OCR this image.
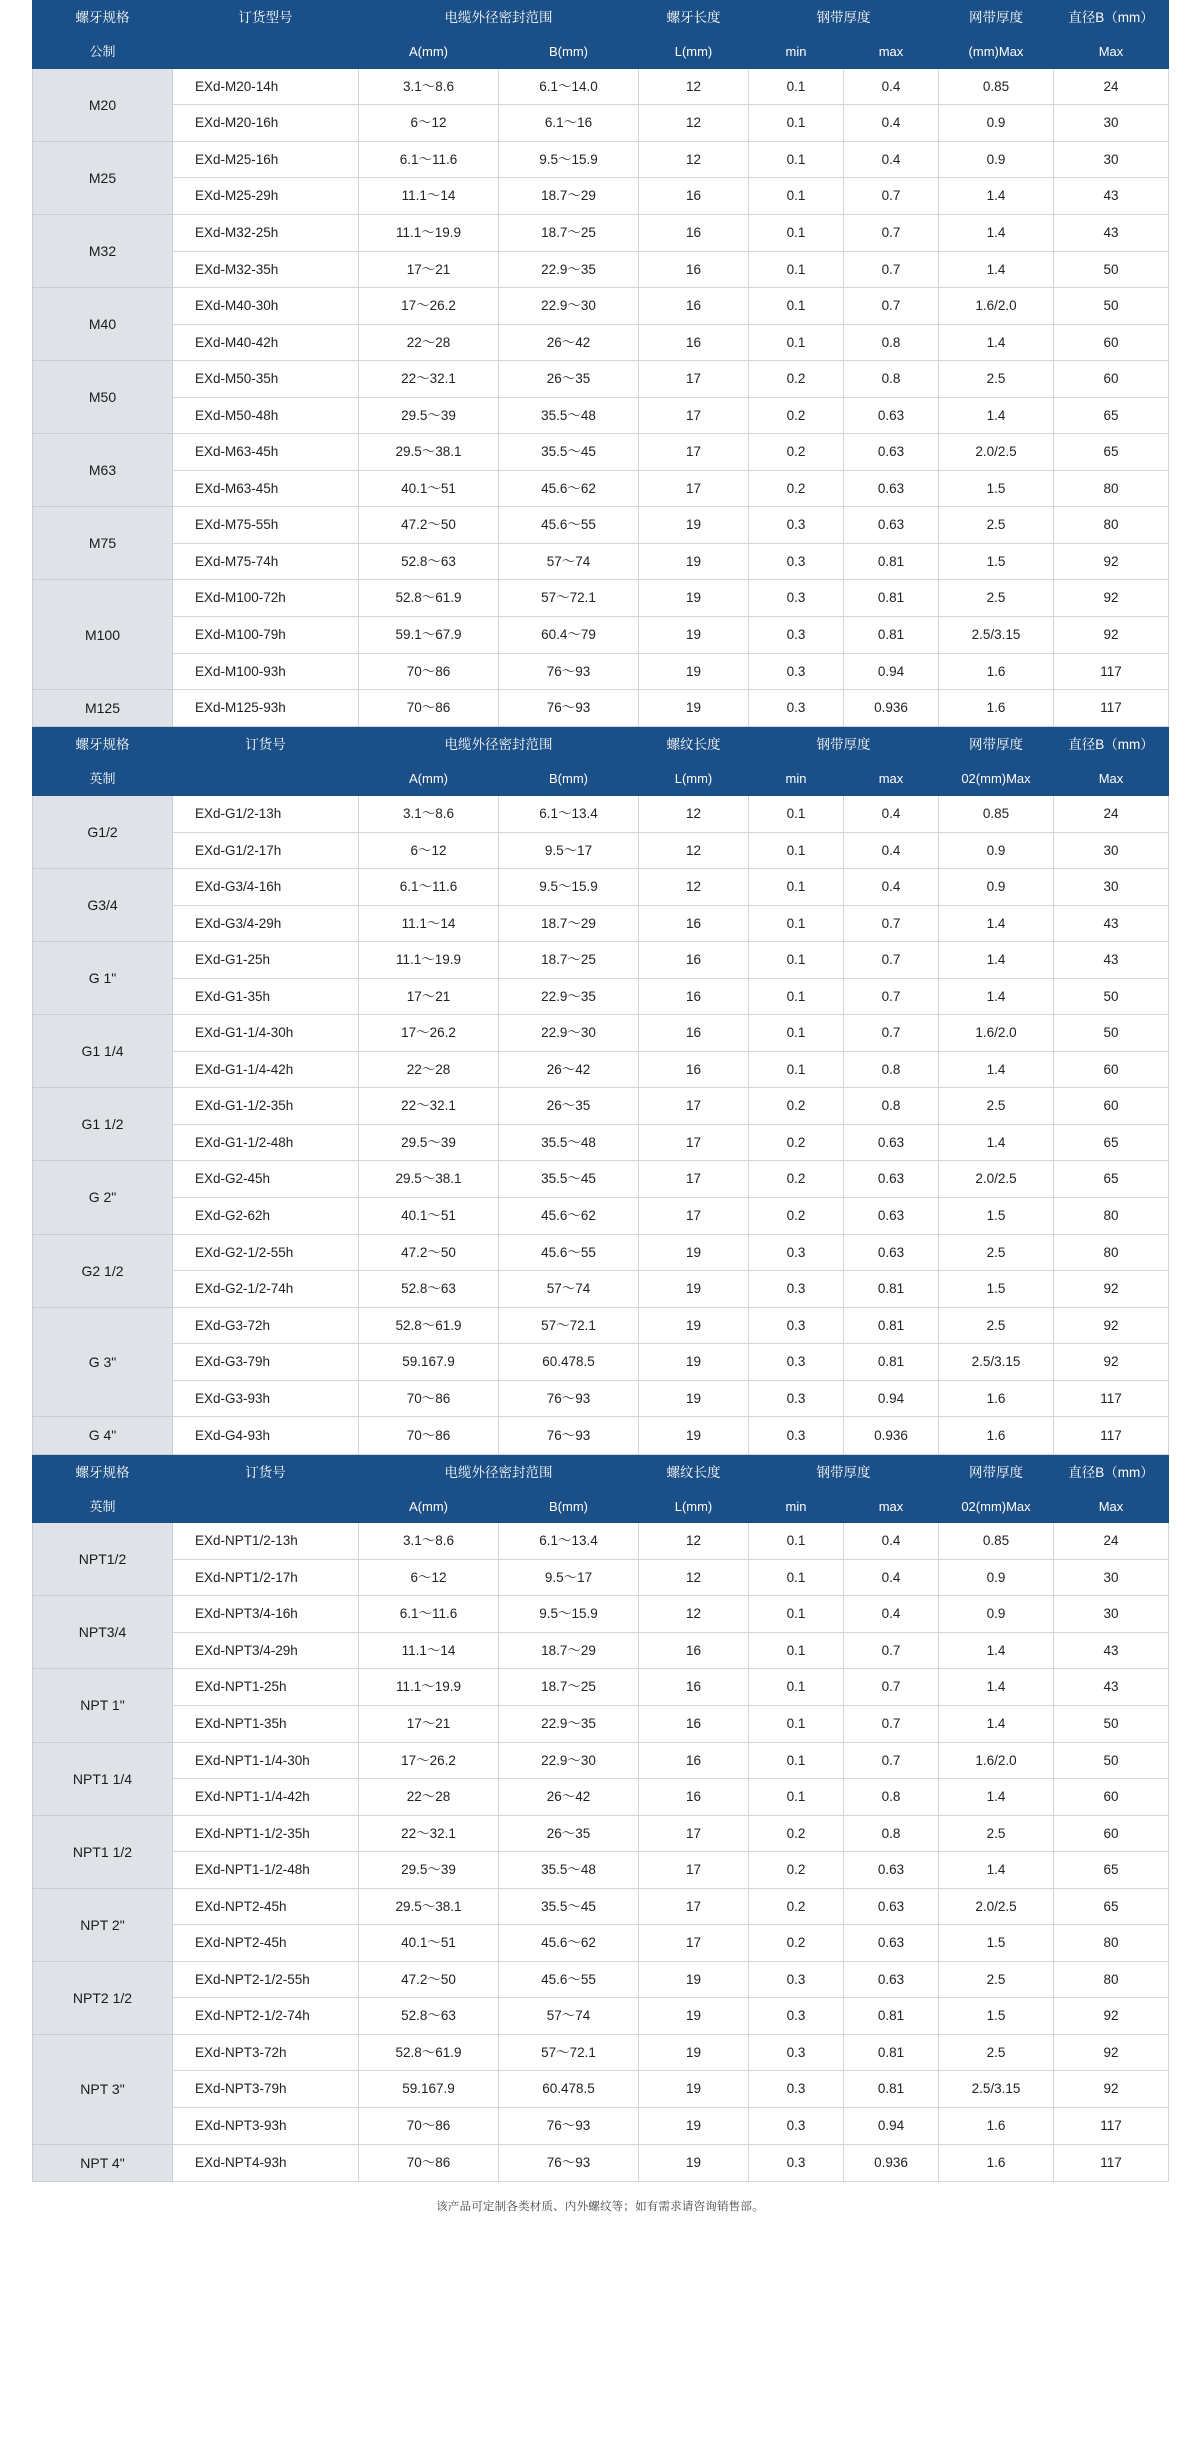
螺牙规格	订货型号	电缆外径密封范围		螺牙长度	钢带厚度		网带厚度	直径B（mm）
公制		A(mm)	B(mm)	L(mm)	min	max	(mm)Max	Max
M20	EXd-M20-14h	3.1～8.6	6.1～14.0	12	0.1	0.4	0.85	24
	EXd-M20-16h	6～12	6.1～16	12	0.1	0.4	0.9	30
M25	EXd-M25-16h	6.1～11.6	9.5～15.9	12	0.1	0.4	0.9	30
	EXd-M25-29h	11.1～14	18.7～29	16	0.1	0.7	1.4	43
M32	EXd-M32-25h	11.1～19.9	18.7～25	16	0.1	0.7	1.4	43
	EXd-M32-35h	17～21	22.9～35	16	0.1	0.7	1.4	50
M40	EXd-M40-30h	17～26.2	22.9～30	16	0.1	0.7	1.6/2.0	50
	EXd-M40-42h	22～28	26～42	16	0.1	0.8	1.4	60
M50	EXd-M50-35h	22～32.1	26～35	17	0.2	0.8	2.5	60
	EXd-M50-48h	29.5～39	35.5～48	17	0.2	0.63	1.4	65
M63	EXd-M63-45h	29.5～38.1	35.5～45	17	0.2	0.63	2.0/2.5	65
	EXd-M63-45h	40.1～51	45.6～62	17	0.2	0.63	1.5	80
M75	EXd-M75-55h	47.2～50	45.6～55	19	0.3	0.63	2.5	80
	EXd-M75-74h	52.8～63	57～74	19	0.3	0.81	1.5	92
M100	EXd-M100-72h	52.8～61.9	57～72.1	19	0.3	0.81	2.5	92
	EXd-M100-79h	59.1～67.9	60.4～79	19	0.3	0.81	2.5/3.15	92
	EXd-M100-93h	70～86	76～93	19	0.3	0.94	1.6	117
M125	EXd-M125-93h	70～86	76～93	19	0.3	0.936	1.6	117
螺牙规格	订货号	电缆外径密封范围		螺纹长度	钢带厚度		网带厚度	直径B（mm）
英制		A(mm)	B(mm)	L(mm)	min	max	02(mm)Max	Max
G1/2	EXd-G1/2-13h	3.1～8.6	6.1～13.4	12	0.1	0.4	0.85	24
	EXd-G1/2-17h	6～12	9.5～17	12	0.1	0.4	0.9	30
G3/4	EXd-G3/4-16h	6.1～11.6	9.5～15.9	12	0.1	0.4	0.9	30
	EXd-G3/4-29h	11.1～14	18.7～29	16	0.1	0.7	1.4	43
G 1"	EXd-G1-25h	11.1～19.9	18.7～25	16	0.1	0.7	1.4	43
	EXd-G1-35h	17～21	22.9～35	16	0.1	0.7	1.4	50
G1 1/4	EXd-G1-1/4-30h	17～26.2	22.9～30	16	0.1	0.7	1.6/2.0	50
	EXd-G1-1/4-42h	22～28	26～42	16	0.1	0.8	1.4	60
G1 1/2	EXd-G1-1/2-35h	22～32.1	26～35	17	0.2	0.8	2.5	60
	EXd-G1-1/2-48h	29.5～39	35.5～48	17	0.2	0.63	1.4	65
G 2"	EXd-G2-45h	29.5～38.1	35.5～45	17	0.2	0.63	2.0/2.5	65
	EXd-G2-62h	40.1～51	45.6～62	17	0.2	0.63	1.5	80
G2 1/2	EXd-G2-1/2-55h	47.2～50	45.6～55	19	0.3	0.63	2.5	80
	EXd-G2-1/2-74h	52.8～63	57～74	19	0.3	0.81	1.5	92
G 3"	EXd-G3-72h	52.8～61.9	57～72.1	19	0.3	0.81	2.5	92
	EXd-G3-79h	59.167.9	60.478.5	19	0.3	0.81	2.5/3.15	92
	EXd-G3-93h	70～86	76～93	19	0.3	0.94	1.6	117
G 4"	EXd-G4-93h	70～86	76～93	19	0.3	0.936	1.6	117
螺牙规格	订货号	电缆外径密封范围		螺纹长度	钢带厚度		网带厚度	直径B（mm）
英制		A(mm)	B(mm)	L(mm)	min	max	02(mm)Max	Max
NPT1/2	EXd-NPT1/2-13h	3.1～8.6	6.1～13.4	12	0.1	0.4	0.85	24
	EXd-NPT1/2-17h	6～12	9.5～17	12	0.1	0.4	0.9	30
NPT3/4	EXd-NPT3/4-16h	6.1～11.6	9.5～15.9	12	0.1	0.4	0.9	30
	EXd-NPT3/4-29h	11.1～14	18.7～29	16	0.1	0.7	1.4	43
NPT 1"	EXd-NPT1-25h	11.1～19.9	18.7～25	16	0.1	0.7	1.4	43
	EXd-NPT1-35h	17～21	22.9～35	16	0.1	0.7	1.4	50
NPT1 1/4	EXd-NPT1-1/4-30h	17～26.2	22.9～30	16	0.1	0.7	1.6/2.0	50
	EXd-NPT1-1/4-42h	22～28	26～42	16	0.1	0.8	1.4	60
NPT1 1/2	EXd-NPT1-1/2-35h	22～32.1	26～35	17	0.2	0.8	2.5	60
	EXd-NPT1-1/2-48h	29.5～39	35.5～48	17	0.2	0.63	1.4	65
NPT 2"	EXd-NPT2-45h	29.5～38.1	35.5～45	17	0.2	0.63	2.0/2.5	65
	EXd-NPT2-45h	40.1～51	45.6～62	17	0.2	0.63	1.5	80
NPT2 1/2	EXd-NPT2-1/2-55h	47.2～50	45.6～55	19	0.3	0.63	2.5	80
	EXd-NPT2-1/2-74h	52.8～63	57～74	19	0.3	0.81	1.5	92
NPT 3"	EXd-NPT3-72h	52.8～61.9	57～72.1	19	0.3	0.81	2.5	92
	EXd-NPT3-79h	59.167.9	60.478.5	19	0.3	0.81	2.5/3.15	92
	EXd-NPT3-93h	70～86	76～93	19	0.3	0.94	1.6	117
NPT 4"	EXd-NPT4-93h	70～86	76～93	19	0.3	0.936	1.6	117
该产品可定制各类材质、内外螺纹等；如有需求请咨询销售部。
